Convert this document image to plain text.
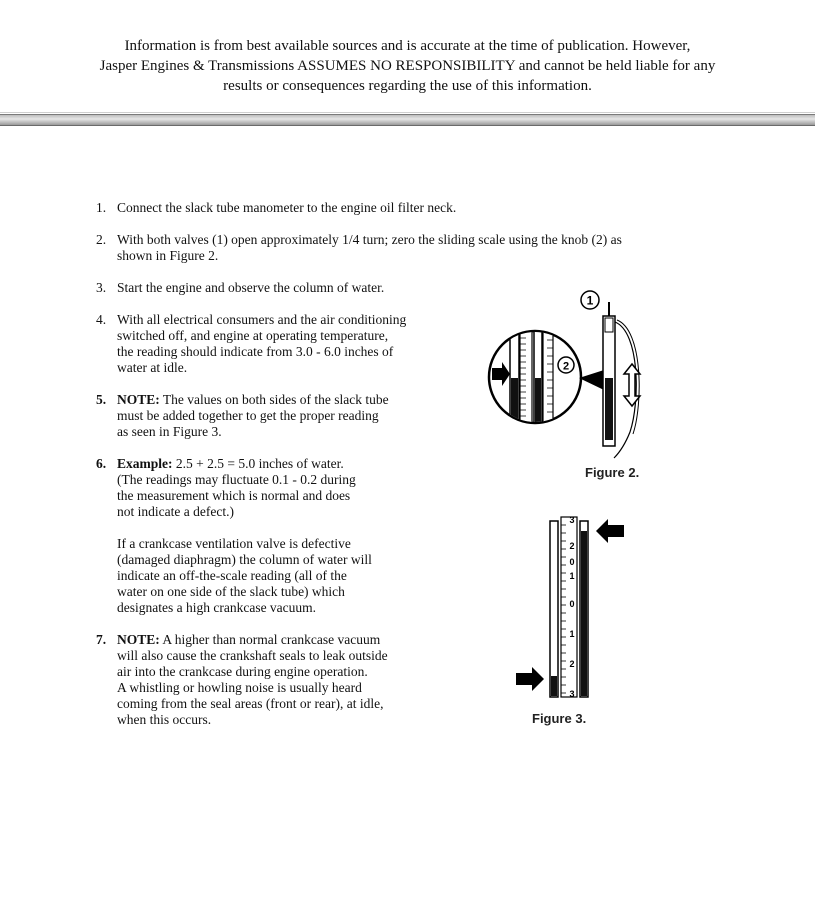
Information is from best available sources and is accurate at the time of publication. However,
Jasper Engines & Transmissions ASSUMES NO RESPONSIBILITY and cannot be held liable for any
results or consequences regarding the use of this information.

1. Connect the slack tube manometer to the engine oil filter neck.
2. With both valves (1) open approximately 1/4 turn; zero the sliding scale using the knob (2) as
shown in Figure 2.
3. Start the engine and observe the column of water.
4. With all electrical consumers and the air conditioning
switched off, and engine at operating temperature,
the reading should indicate from 3.0 - 6.0 inches of
water at idle.
5. NOTE: The values on both sides of the slack tube
must be added together to get the proper reading
as seen in Figure 3.
6. Example: 2.5 + 2.5 = 5.0 inches of water.
(The readings may fluctuate 0.1 - 0.2 during
the measurement which is normal and does
not indicate a defect.)
If a crankcase ventilation valve is defective
(damaged diaphragm) the column of water will
indicate an off-the-scale reading (all of the
water on one side of the slack tube) which
designates a high crankcase vacuum.
7. NOTE: A higher than normal crankcase vacuum
will also cause the crankshaft seals to leak outside
air into the crankcase during engine operation.
A whistling or howling noise is usually heard
coming from the seal areas (front or rear), at idle,
when this occurs.
2
1
Figure 2.
3
2
0
1
0
1
2
3
Figure 3.
